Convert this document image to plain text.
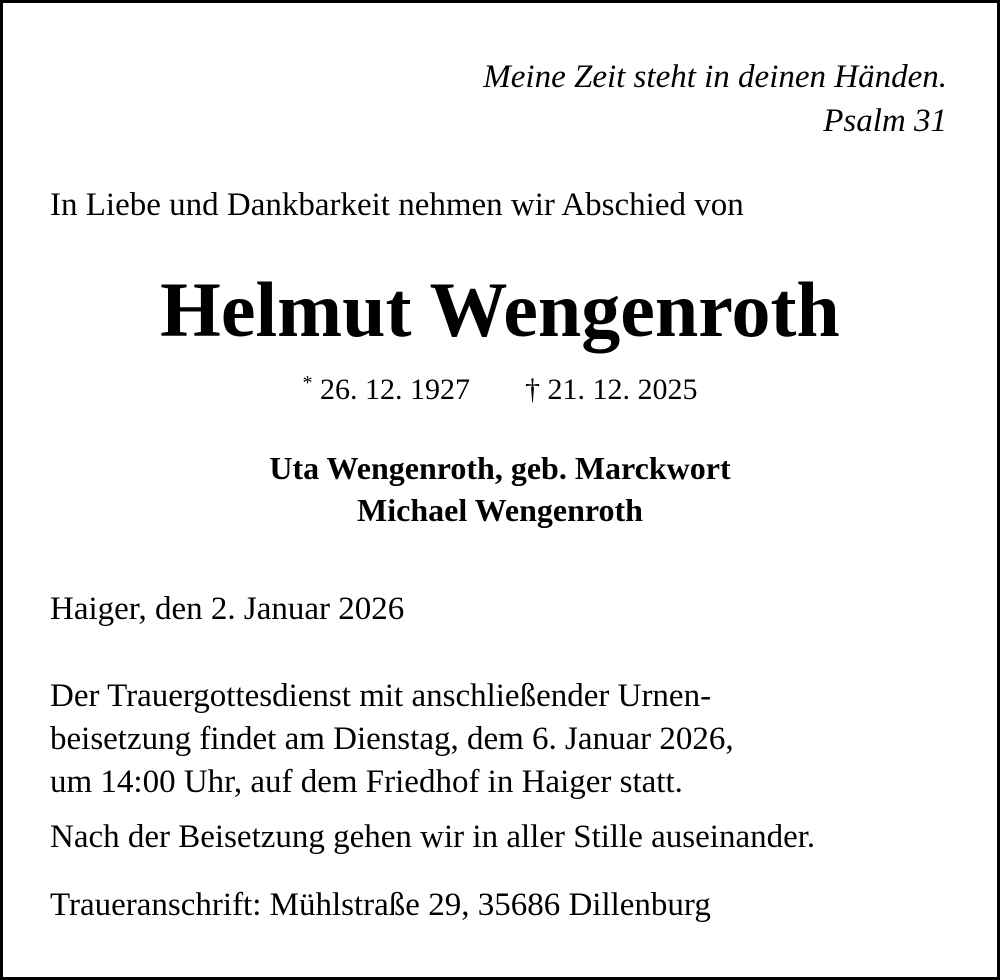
Meine Zeit steht in deinen Händen.
Psalm 31
In Liebe und Dankbarkeit nehmen wir Abschied von
Helmut Wengenroth
* 26. 12. 1927 † 21. 12. 2025
Uta Wengenroth, geb. Marckwort
Michael Wengenroth
Haiger, den 2. Januar 2026
Der Trauergottesdienst mit anschließender Urnen-
beisetzung findet am Dienstag, dem 6. Januar 2026,
um 14:00 Uhr, auf dem Friedhof in Haiger statt.
Nach der Beisetzung gehen wir in aller Stille auseinander.
Traueranschrift: Mühlstraße 29, 35686 Dillenburg
